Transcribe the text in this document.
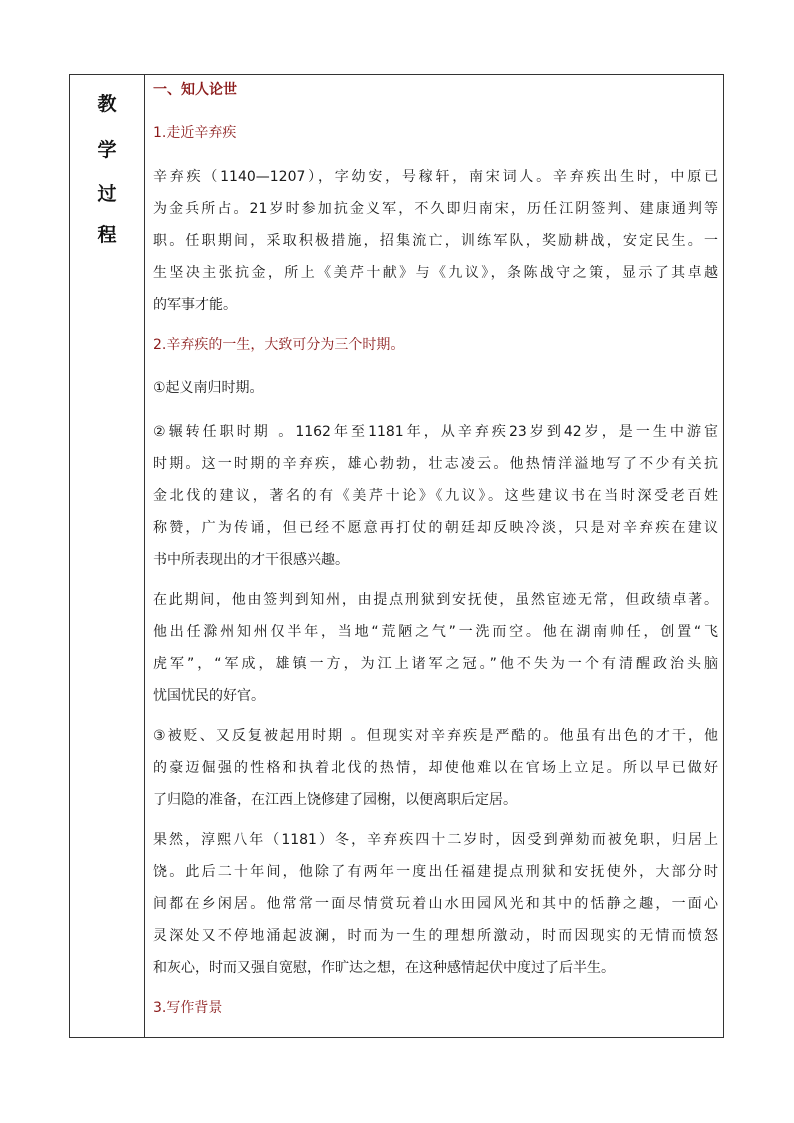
教
学
过
程
一、知人论世
1.走近辛弃疾
辛弃疾（1140—1207），字幼安，号稼轩，南宋词人。辛弃疾出生时，中原已
为金兵所占。21岁时参加抗金义军，不久即归南宋，历任江阴签判、建康通判等
职。任职期间，采取积极措施，招集流亡，训练军队，奖励耕战，安定民生。一
生坚决主张抗金，所上《美芹十献》与《九议》，条陈战守之策，显示了其卓越
的军事才能。
2.辛弃疾的一生，大致可分为三个时期。
①起义南归时期。
②辗转任职时期 。1162年至1181年，从辛弃疾23岁到42岁，是一生中游宦
时期。这一时期的辛弃疾，雄心勃勃，壮志凌云。他热情洋溢地写了不少有关抗
金北伐的建议，著名的有《美芹十论》《九议》。这些建议书在当时深受老百姓
称赞，广为传诵，但已经不愿意再打仗的朝廷却反映冷淡，只是对辛弃疾在建议
书中所表现出的才干很感兴趣。
在此期间，他由签判到知州，由提点刑狱到安抚使，虽然宦迹无常，但政绩卓著。
他出任滁州知州仅半年，当地“荒陋之气”一洗而空。他在湖南帅任，创置“飞
虎军”，“军成，雄镇一方，为江上诸军之冠。”他不失为一个有清醒政治头脑
忧国忧民的好官。
③被贬、又反复被起用时期 。但现实对辛弃疾是严酷的。他虽有出色的才干，他
的豪迈倔强的性格和执着北伐的热情，却使他难以在官场上立足。所以早已做好
了归隐的准备，在江西上饶修建了园榭，以便离职后定居。
果然，淳熙八年（1181）冬，辛弃疾四十二岁时，因受到弹劾而被免职，归居上
饶。此后二十年间，他除了有两年一度出任福建提点刑狱和安抚使外，大部分时
间都在乡闲居。他常常一面尽情赏玩着山水田园风光和其中的恬静之趣，一面心
灵深处又不停地涌起波澜，时而为一生的理想所激动，时而因现实的无情而愤怒
和灰心，时而又强自宽慰，作旷达之想，在这种感情起伏中度过了后半生。
3.写作背景
